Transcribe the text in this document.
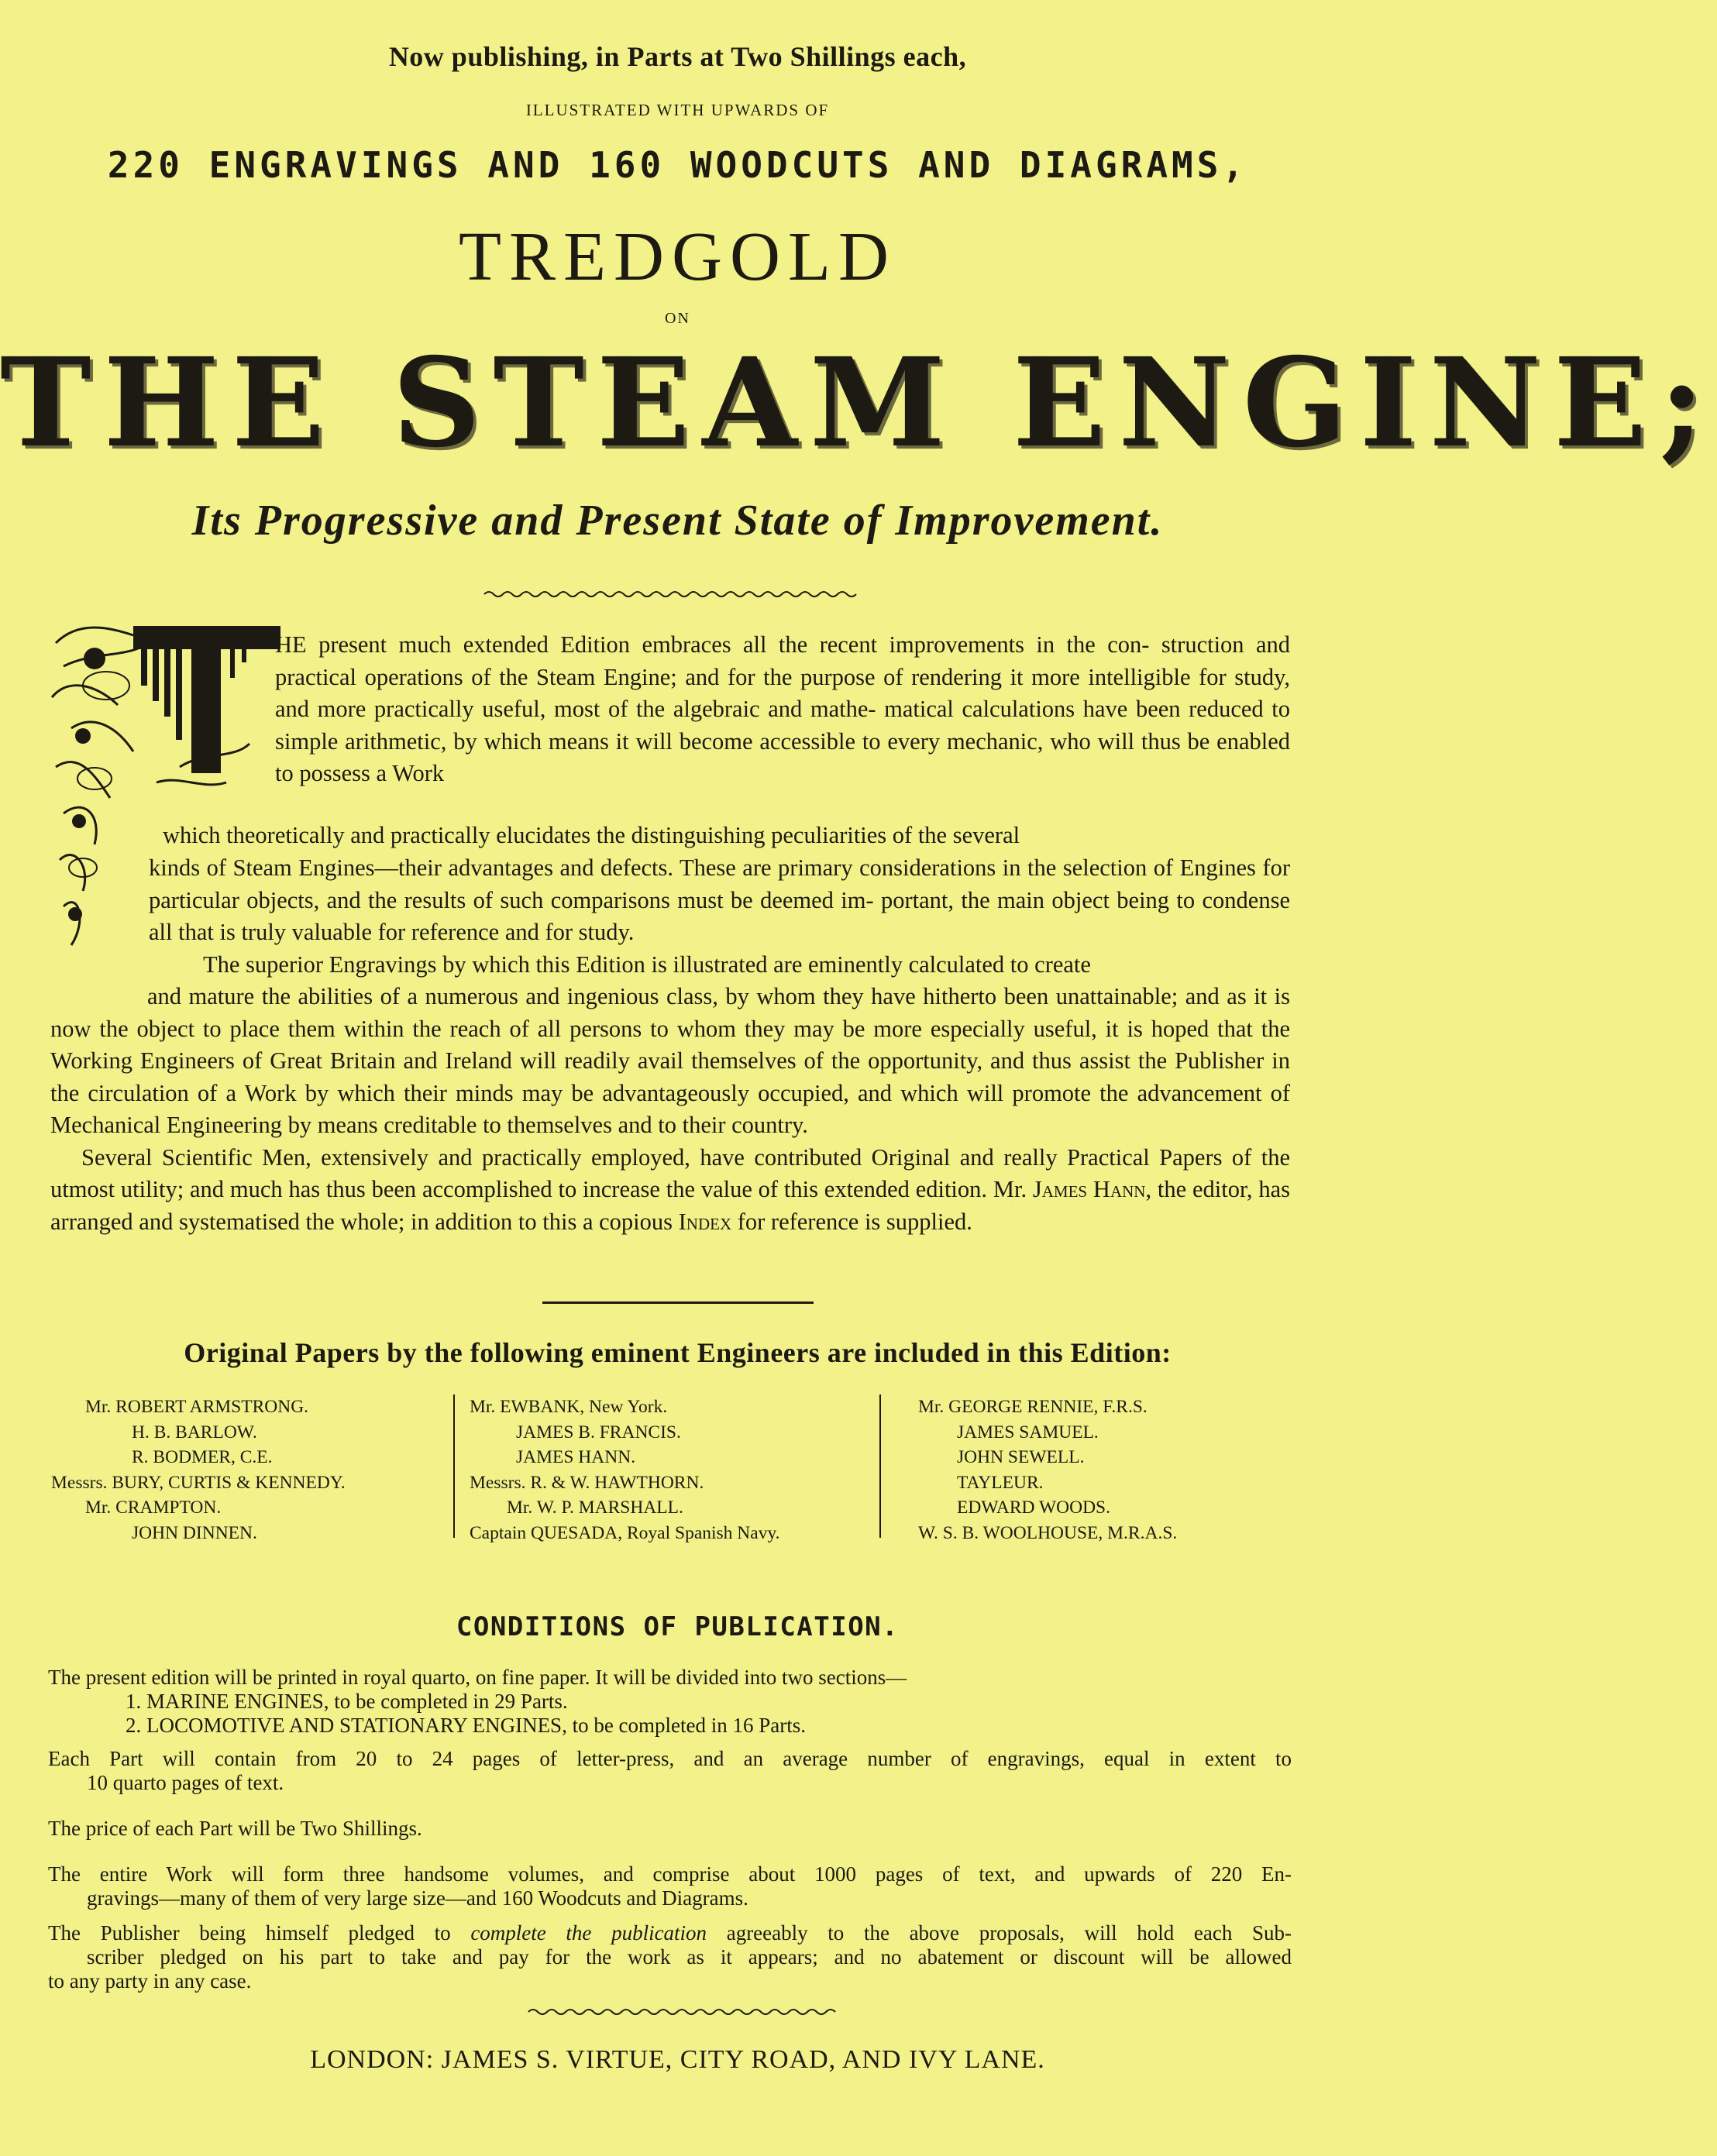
Now publishing, in Parts at Two Shillings each,
ILLUSTRATED WITH UPWARDS OF
220 ENGRAVINGS AND 160 WOODCUTS AND DIAGRAMS,
TREDGOLD
ON
THE STEAM ENGINE;
Its Progressive and Present State of Improvement.

HE present much extended Edition embraces all the recent improvements in the con- struction and practical operations of the Steam Engine; and for the purpose of rendering it more intelligible for study, and more practically useful, most of the algebraic and mathe- matical calculations have been reduced to simple arithmetic, by which means it will become accessible to every mechanic, who will thus be enabled to possess a Work

which theoretically and practically elucidates the distinguishing peculiarities of the several

kinds of Steam Engines—their advantages and defects. These are primary considerations in the selection of Engines for particular objects, and the results of such comparisons must be deemed im- portant, the main object being to condense all that is truly valuable for reference and for study.

The superior Engravings by which this Edition is illustrated are eminently calculated to create

and mature the abilities of a numerous and ingenious class, by whom they have hitherto been unattainable; and as it is now the object to place them within the reach of all persons to whom they may be more especially useful, it is hoped that the Working Engineers of Great Britain and Ireland will readily avail themselves of the opportunity, and thus assist the Publisher in the circulation of a Work by which their minds may be advantageously occupied, and which will promote the advancement of Mechanical Engineering by means creditable to themselves and to their country.

Several Scientific Men, extensively and practically employed, have contributed Original and really Practical Papers of the utmost utility; and much has thus been accomplished to increase the value of this extended edition. Mr. James Hann, the editor, has arranged and systematised the whole; in addition to this a copious Index for reference is supplied.

Original Papers by the following eminent Engineers are included in this Edition:
Mr. ROBERT ARMSTRONG.
H. B. BARLOW.
R. BODMER, C.E.
Messrs. BURY, CURTIS & KENNEDY.
Mr. CRAMPTON.
JOHN DINNEN.
Mr. EWBANK, New York.
JAMES B. FRANCIS.
JAMES HANN.
Messrs. R. & W. HAWTHORN.
Mr. W. P. MARSHALL.
Captain QUESADA, Royal Spanish Navy.
Mr. GEORGE RENNIE, F.R.S.
JAMES SAMUEL.
JOHN SEWELL.
TAYLEUR.
EDWARD WOODS.
W. S. B. WOOLHOUSE, M.R.A.S.
CONDITIONS OF PUBLICATION.
The present edition will be printed in royal quarto, on fine paper. It will be divided into two sections—
1. MARINE ENGINES, to be completed in 29 Parts.
2. LOCOMOTIVE AND STATIONARY ENGINES, to be completed in 16 Parts.
Each Part will contain from 20 to 24 pages of letter-press, and an average number of engravings, equal in extent to
10 quarto pages of text.
The price of each Part will be Two Shillings.
The entire Work will form three handsome volumes, and comprise about 1000 pages of text, and upwards of 220 En-
gravings—many of them of very large size—and 160 Woodcuts and Diagrams.
The Publisher being himself pledged to complete the publication agreeably to the above proposals, will hold each Sub-
scriber pledged on his part to take and pay for the work as it appears; and no abatement or discount will be allowed
to any party in any case.
LONDON: JAMES S. VIRTUE, CITY ROAD, AND IVY LANE.
